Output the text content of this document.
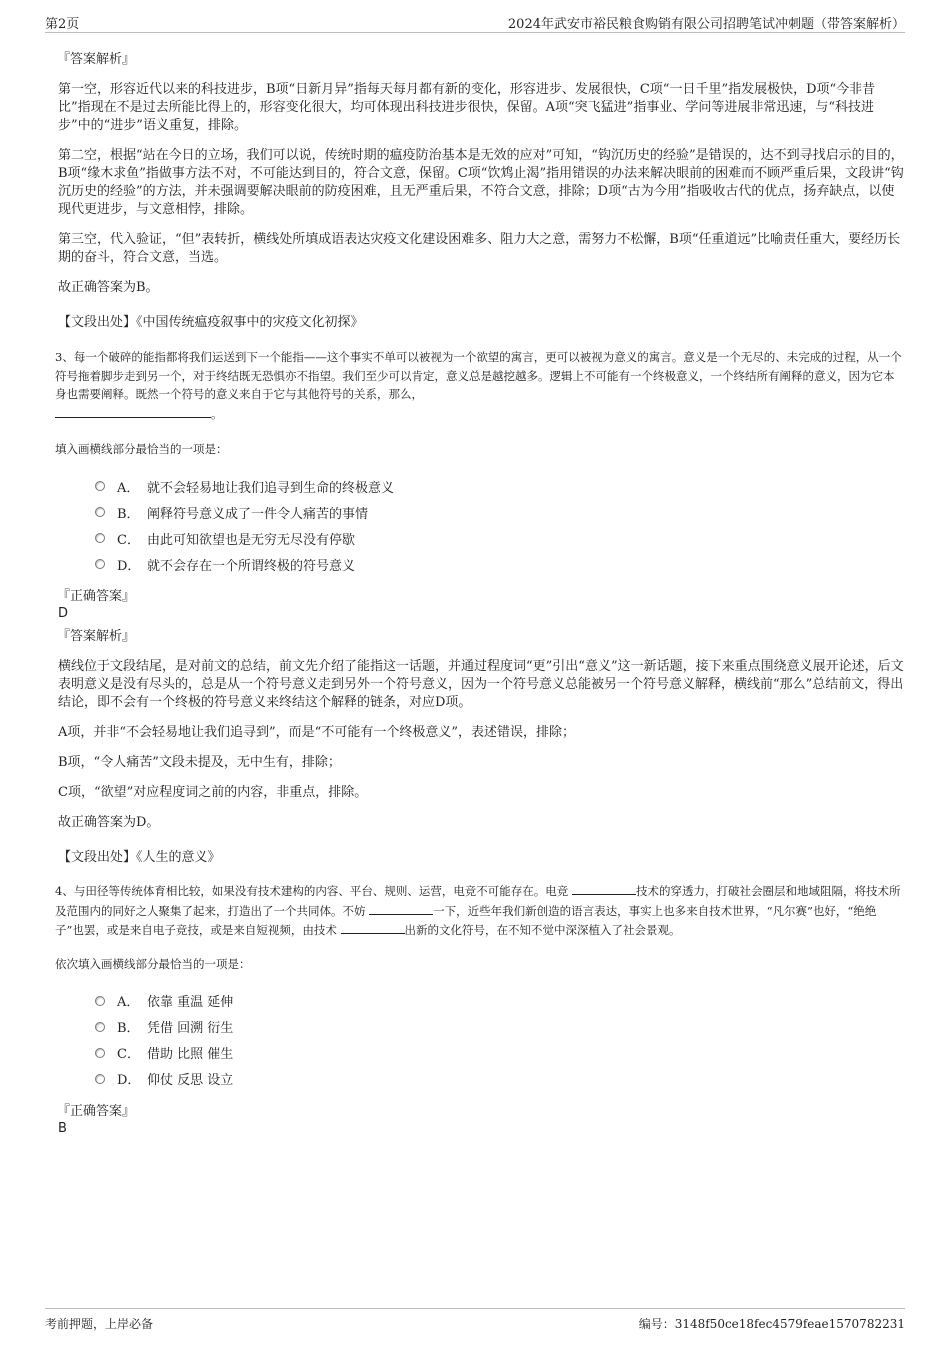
第2页	2024年武安市裕民粮食购销有限公司招聘笔试冲刺题（带答案解析）
『答案解析』
第一空，形容近代以来的科技进步，B项“日新月异”指每天每月都有新的变化，形容进步、发展很快，C项“一日千里”指发展极快，D项“今非昔比”指现在不是过去所能比得上的，形容变化很大，均可体现出科技进步很快，保留。A项“突飞猛进”指事业、学问等进展非常迅速，与“科技进步”中的“进步”语义重复，排除。
第二空，根据“站在今日的立场，我们可以说，传统时期的瘟疫防治基本是无效的应对”可知，“钩沉历史的经验”是错误的，达不到寻找启示的目的，B项“缘木求鱼”指做事方法不对，不可能达到目的，符合文意，保留。C项“饮鸩止渴”指用错误的办法来解决眼前的困难而不顾严重后果，文段讲“钩沉历史的经验”的方法，并未强调要解决眼前的防疫困难，且无严重后果，不符合文意，排除；D项“古为今用”指吸收古代的优点，扬弃缺点，以使现代更进步，与文意相悖，排除。
第三空，代入验证，“但”表转折，横线处所填成语表达灾疫文化建设困难多、阻力大之意，需努力不松懈，B项“任重道远”比喻责任重大，要经历长期的奋斗，符合文意，当选。
故正确答案为B。
【文段出处】《中国传统瘟疫叙事中的灾疫文化初探》
3、每一个破碎的能指都将我们运送到下一个能指——这个事实不单可以被视为一个欲望的寓言，更可以被视为意义的寓言。意义是一个无尽的、未完成的过程，从一个符号拖着脚步走到另一个，对于终结既无恐惧亦不指望。我们至少可以肯定，意义总是越挖越多。逻辑上不可能有一个终极意义，一个终结所有阐释的意义，因为它本身也需要阐释。既然一个符号的意义来自于它与其他符号的关系，那么，
。
填入画横线部分最恰当的一项是：
A． 就不会轻易地让我们追寻到生命的终极意义
B． 阐释符号意义成了一件令人痛苦的事情
C． 由此可知欲望也是无穷无尽没有停歇
D． 就不会存在一个所谓终极的符号意义
『正确答案』
D
『答案解析』
横线位于文段结尾，是对前文的总结，前文先介绍了能指这一话题，并通过程度词“更”引出“意义”这一新话题，接下来重点围绕意义展开论述，后文表明意义是没有尽头的，总是从一个符号意义走到另外一个符号意义，因为一个符号意义总能被另一个符号意义解释，横线前“那么”总结前文，得出结论，即不会有一个终极的符号意义来终结这个解释的链条，对应D项。
A项，并非“不会轻易地让我们追寻到”，而是“不可能有一个终极意义”，表述错误，排除；
B项，“令人痛苦”文段未提及，无中生有，排除；
C项，“欲望”对应程度词之前的内容，非重点，排除。
故正确答案为D。
【文段出处】《人生的意义》
4、与田径等传统体育相比较，如果没有技术建构的内容、平台、规则、运营，电竞不可能存在。电竞	技术的穿透力，打破社会圈层和地域阻隔，将技术所及范围内的同好之人聚集了起来，打造出了一个共同体。不妨	一下，近些年我们新创造的语言表达，事实上也多来自技术世界，“凡尔赛”也好，“绝绝子”也罢，或是来自电子竞技，或是来自短视频，由技术	出新的文化符号，在不知不觉中深深植入了社会景观。
依次填入画横线部分最恰当的一项是：
A． 依靠 重温 延伸
B． 凭借 回溯 衍生
C． 借助 比照 催生
D． 仰仗 反思 设立
『正确答案』
B
考前押题，上岸必备	编号：3148f50ce18fec4579feae1570782231
